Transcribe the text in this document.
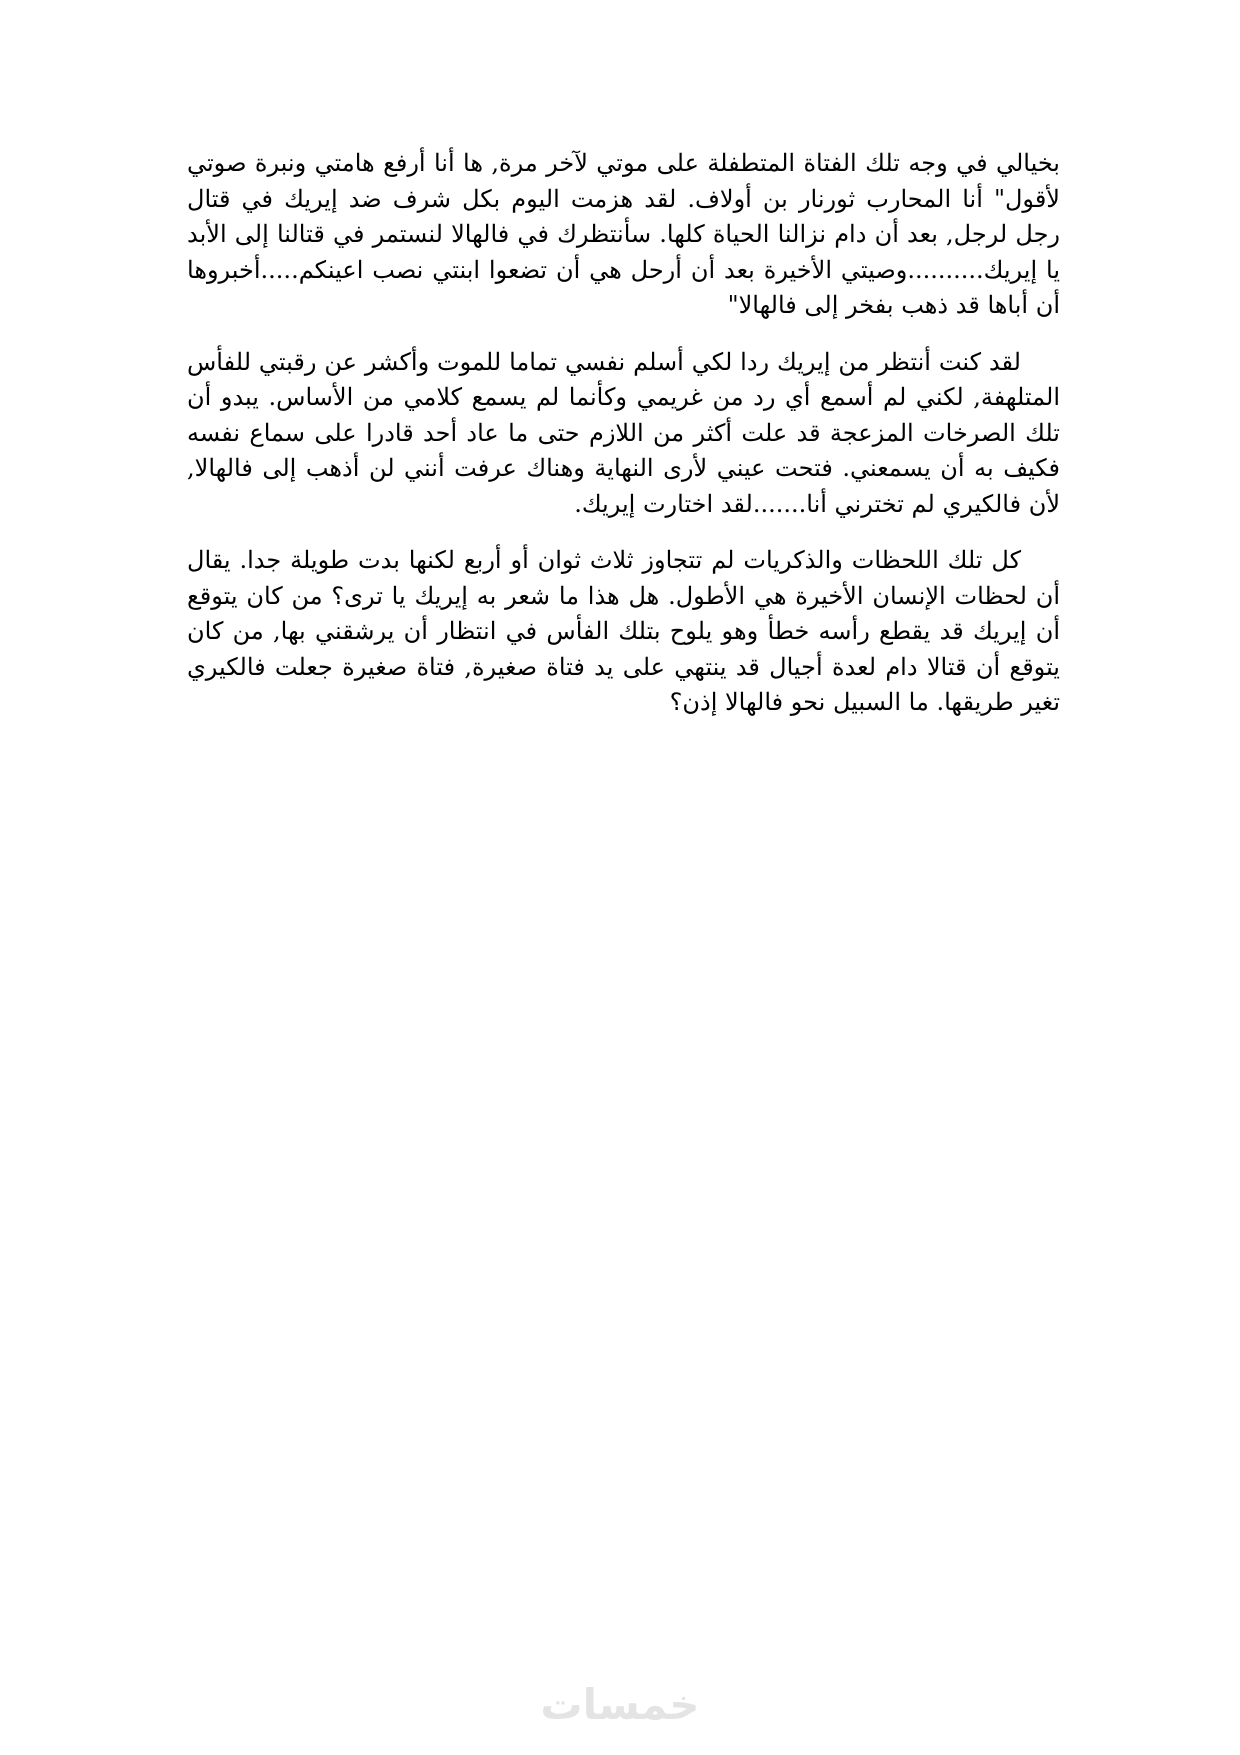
بخيالي في وجه تلك الفتاة المتطفلة على موتي لآخر مرة, ها أنا أرفع هامتي ونبرة صوتي لأقول" أنا المحارب ثورنار بن أولاف. لقد هزمت اليوم بكل شرف ضد إيريك في قتال رجل لرجل, بعد أن دام نزالنا الحياة كلها. سأنتظرك في فالهالا لنستمر في قتالنا إلى الأبد يا إيريك..........وصيتي الأخيرة بعد أن أرحل هي أن تضعوا ابنتي نصب اعينكم.....أخبروها أن أباها قد ذهب بفخر إلى فالهالا"

لقد كنت أنتظر من إيريك ردا لكي أسلم نفسي تماما للموت وأكشر عن رقبتي للفأس المتلهفة, لكني لم أسمع أي رد من غريمي وكأنما لم يسمع كلامي من الأساس. يبدو أن تلك الصرخات المزعجة قد علت أكثر من اللازم حتى ما عاد أحد قادرا على سماع نفسه فكيف به أن يسمعني. فتحت عيني لأرى النهاية وهناك عرفت أنني لن أذهب إلى فالهالا, لأن فالكيري لم تخترني أنا.......لقد اختارت إيريك.

كل تلك اللحظات والذكريات لم تتجاوز ثلاث ثوان أو أربع لكنها بدت طويلة جدا. يقال أن لحظات الإنسان الأخيرة هي الأطول. هل هذا ما شعر به إيريك يا ترى؟ من كان يتوقع أن إيريك قد يقطع رأسه خطأ وهو يلوح بتلك الفأس في انتظار أن يرشقني بها, من كان يتوقع أن قتالا دام لعدة أجيال قد ينتهي على يد فتاة صغيرة, فتاة صغيرة جعلت فالكيري تغير طريقها. ما السبيل نحو فالهالا إذن؟

خمسات
